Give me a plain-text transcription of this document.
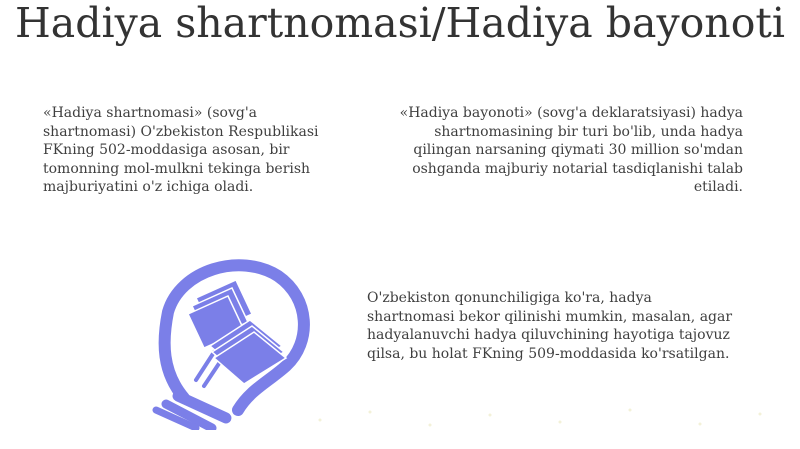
Hadiya shartnomasi/Hadiya bayonoti

«Hadiya shartnomasi» (sovg'a shartnomasi) O'zbekiston Respublikasi FKning 502-moddasiga asosan, bir tomonning mol-mulkni tekinga berish majburiyatini o'z ichiga oladi.

«Hadiya bayonoti» (sovg'a deklaratsiyasi) hadya shartnomasining bir turi bo'lib, unda hadya qilingan narsaning qiymati 30 million so'mdan oshganda majburiy notarial tasdiqlanishi talab etiladi.

O'zbekiston qonunchiligiga ko'ra, hadya shartnomasi bekor qilinishi mumkin, masalan, agar hadyalanuvchi hadya qiluvchining hayotiga tajovuz qilsa, bu holat FKning 509-moddasida ko'rsatilgan.
